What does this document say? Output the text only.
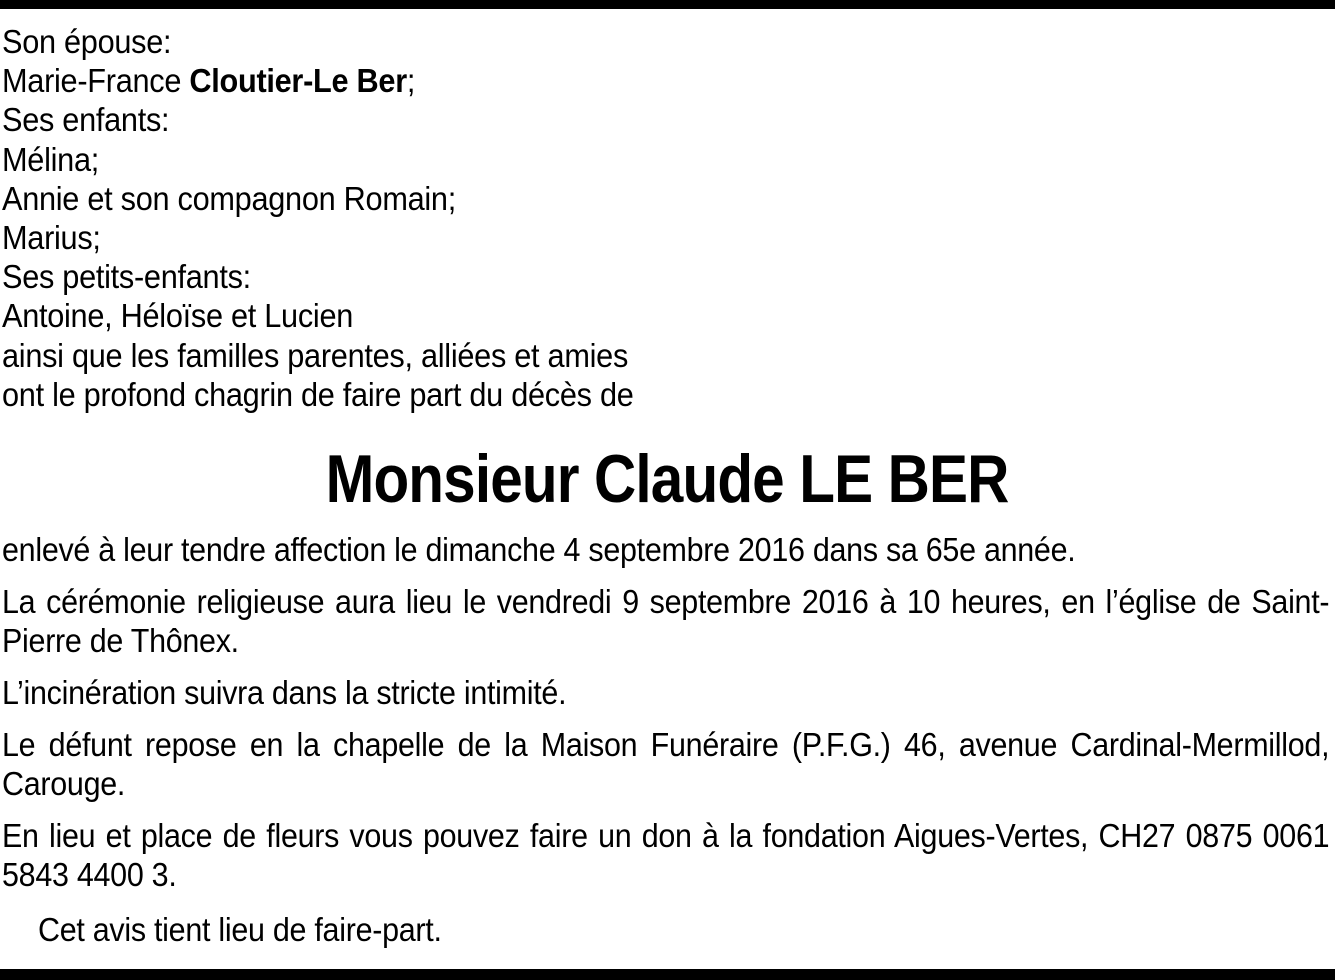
Son épouse:
Marie-France Cloutier-Le Ber;
Ses enfants:
Mélina;
Annie et son compagnon Romain;
Marius;
Ses petits-enfants:
Antoine, Héloïse et Lucien
ainsi que les familles parentes, alliées et amies
ont le profond chagrin de faire part du décès de
Monsieur Claude LE BER

enlevé à leur tendre affection le dimanche 4 septembre 2016 dans sa 65e année.

La cérémonie religieuse aura lieu le vendredi 9 septembre 2016 à 10 heures, en l’église de Saint-Pierre de Thônex.

L’incinération suivra dans la stricte intimité.

Le défunt repose en la chapelle de la Maison Funéraire (P.F.G.) 46, avenue Cardinal-Mermillod, Carouge.

En lieu et place de fleurs vous pouvez faire un don à la fondation Aigues-Vertes, CH27 0875 0061 5843 4400 3.

Cet avis tient lieu de faire-part.
